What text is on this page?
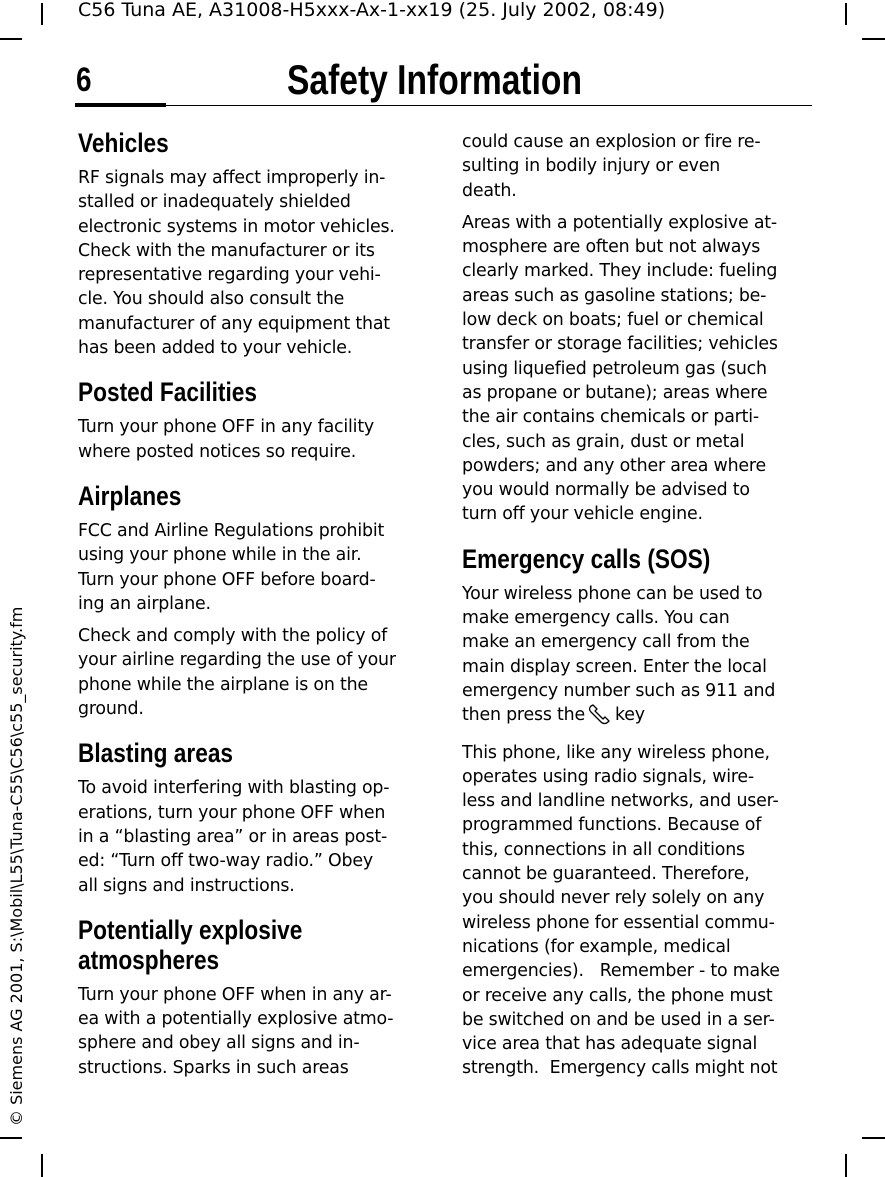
C56 Tuna AE, A31008-H5xxx-Ax-1-xx19 (25. July 2002, 08:49)
6	Safety Information
© Siemens AG 2001, S:\Mobil\L55\Tuna-C55\C56\c55_security.fm
Vehicles

RF signals may affect improperly in-
stalled or inadequately shielded
electronic systems in motor vehicles.
Check with the manufacturer or its
representative regarding your vehi-
cle. You should also consult the
manufacturer of any equipment that
has been added to your vehicle.

Posted Facilities

Turn your phone OFF in any facility
where posted notices so require.

Airplanes

FCC and Airline Regulations prohibit
using your phone while in the air.
Turn your phone OFF before board-
ing an airplane.

Check and comply with the policy of
your airline regarding the use of your
phone while the airplane is on the
ground.

Blasting areas

To avoid interfering with blasting op-
erations, turn your phone OFF when
in a “blasting area” or in areas post-
ed: “Turn off two-way radio.” Obey
all signs and instructions.

Potentially explosive
atmospheres

Turn your phone OFF when in any ar-
ea with a potentially explosive atmo-
sphere and obey all signs and in-
structions. Sparks in such areas

could cause an explosion or fire re-
sulting in bodily injury or even
death.

Areas with a potentially explosive at-
mosphere are often but not always
clearly marked. They include: fueling
areas such as gasoline stations; be-
low deck on boats; fuel or chemical
transfer or storage facilities; vehicles
using liquefied petroleum gas (such
as propane or butane); areas where
the air contains chemicals or parti-
cles, such as grain, dust or metal
powders; and any other area where
you would normally be advised to
turn off your vehicle engine.

Emergency calls (SOS)

Your wireless phone can be used to
make emergency calls. You can
make an emergency call from the
main display screen. Enter the local
emergency number such as 911 and
then press the key

This phone, like any wireless phone,
operates using radio signals, wire-
less and landline networks, and user-
programmed functions. Because of
this, connections in all conditions
cannot be guaranteed. Therefore,
you should never rely solely on any
wireless phone for essential commu-
nications (for example, medical
emergencies).   Remember - to make
or receive any calls, the phone must
be switched on and be used in a ser-
vice area that has adequate signal
strength.  Emergency calls might not
